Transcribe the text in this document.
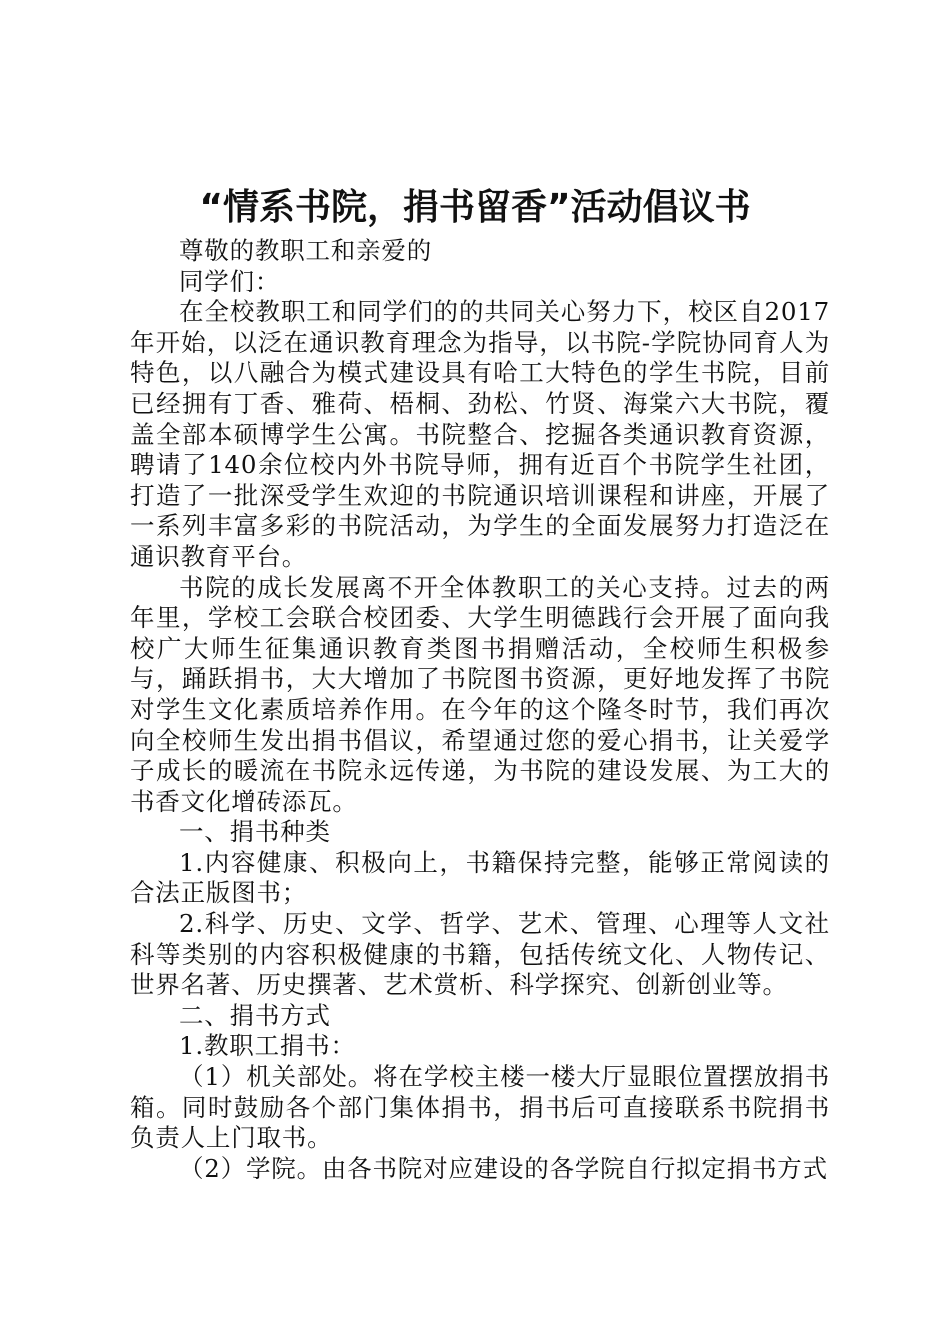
“情系书院，捐书留香”活动倡议书

尊敬的教职工和亲爱的

同学们：

在全校教职工和同学们的的共同关心努力下，校区自2017年开始，以泛在通识教育理念为指导，以书院-学院协同育人为特色，以八融合为模式建设具有哈工大特色的学生书院，目前已经拥有丁香、雅荷、梧桐、劲松、竹贤、海棠六大书院，覆盖全部本硕博学生公寓。书院整合、挖掘各类通识教育资源，聘请了140余位校内外书院导师，拥有近百个书院学生社团，打造了一批深受学生欢迎的书院通识培训课程和讲座，开展了一系列丰富多彩的书院活动，为学生的全面发展努力打造泛在通识教育平台。

书院的成长发展离不开全体教职工的关心支持。过去的两年里，学校工会联合校团委、大学生明德践行会开展了面向我校广大师生征集通识教育类图书捐赠活动，全校师生积极参与，踊跃捐书，大大增加了书院图书资源，更好地发挥了书院对学生文化素质培养作用。在今年的这个隆冬时节，我们再次向全校师生发出捐书倡议，希望通过您的爱心捐书，让关爱学子成长的暖流在书院永远传递，为书院的建设发展、为工大的书香文化增砖添瓦。

一、捐书种类

1.内容健康、积极向上，书籍保持完整，能够正常阅读的合法正版图书；

2.科学、历史、文学、哲学、艺术、管理、心理等人文社科等类别的内容积极健康的书籍，包括传统文化、人物传记、世界名著、历史撰著、艺术赏析、科学探究、创新创业等。

二、捐书方式

1.教职工捐书：

（1）机关部处。将在学校主楼一楼大厅显眼位置摆放捐书箱。同时鼓励各个部门集体捐书，捐书后可直接联系书院捐书负责人上门取书。

（2）学院。由各书院对应建设的各学院自行拟定捐书方式
